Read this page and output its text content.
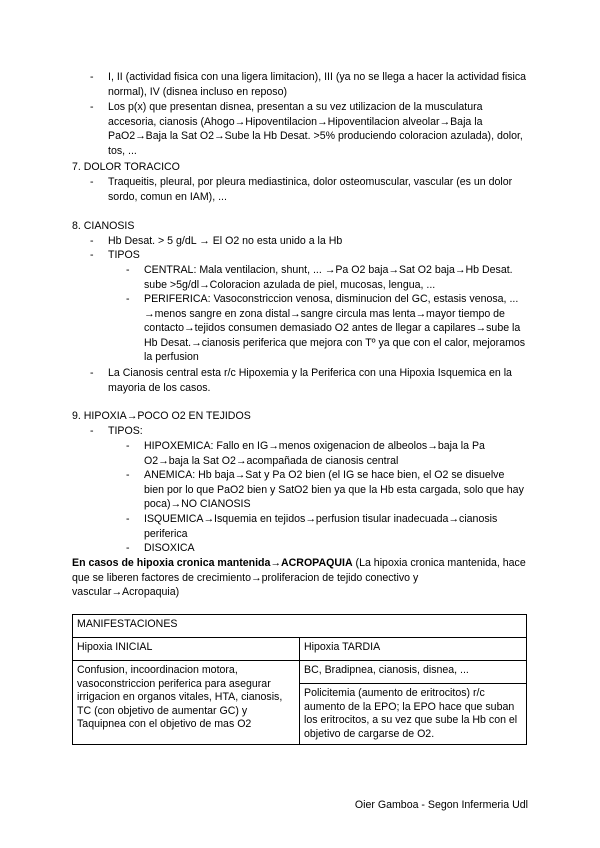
- I, II (actividad fisica con una ligera limitacion), III (ya no se llega a hacer la actividad fisica normal), IV (disnea incluso en reposo)
- Los p(x) que presentan disnea, presentan a su vez utilizacion de la musculatura accesoria, cianosis (Ahogo→Hipoventilacion→Hipoventilacion alveolar→Baja la PaO2→Baja la Sat O2→Sube la Hb Desat. >5% produciendo coloracion azulada), dolor, tos, ...
7. DOLOR TORACICO
- Traqueitis, pleural, por pleura mediastinica, dolor osteomuscular, vascular (es un dolor sordo, comun en IAM), ...
8. CIANOSIS
- Hb Desat. > 5 g/dL → El O2 no esta unido a la Hb
- TIPOS
- CENTRAL: Mala ventilacion, shunt, ... →Pa O2 baja→Sat O2 baja→Hb Desat. sube >5g/dl→Coloracion azulada de piel, mucosas, lengua, ...
- PERIFERICA: Vasoconstriccion venosa, disminucion del GC, estasis venosa, ... →menos sangre en zona distal→sangre circula mas lenta→mayor tiempo de contacto→tejidos consumen demasiado O2 antes de llegar a capilares→sube la Hb Desat.→cianosis periferica que mejora con Tº ya que con el calor, mejoramos la perfusion
- La Cianosis central esta r/c Hipoxemia y la Periferica con una Hipoxia Isquemica en la mayoria de los casos.
9. HIPOXIA→POCO O2 EN TEJIDOS
- TIPOS:
- HIPOXEMICA: Fallo en IG→menos oxigenacion de albeolos→baja la Pa O2→baja la Sat O2→acompañada de cianosis central
- ANEMICA: Hb baja→Sat y Pa O2 bien (el IG se hace bien, el O2 se disuelve bien por lo que PaO2 bien y SatO2 bien ya que la Hb esta cargada, solo que hay poca)→NO CIANOSIS
- ISQUEMICA→Isquemia en tejidos→perfusion tisular inadecuada→cianosis periferica
- DISOXICA
En casos de hipoxia cronica mantenida→ACROPAQUIA (La hipoxia cronica mantenida, hace que se liberen factores de crecimiento→proliferacion de tejido conectivo y vascular→Acropaquia)
MANIFESTACIONES	
Hipoxia INICIAL	Hipoxia TARDIA
Confusion, incoordinacion motora, vasoconstriccion periferica para asegurar irrigacion en organos vitales, HTA, cianosis, TC (con objetivo de aumentar GC) y Taquipnea con el objetivo de mas O2	BC, Bradipnea, cianosis, disnea, ...
	Policitemia (aumento de eritrocitos) r/c aumento de la EPO; la EPO hace que suban los eritrocitos, a su vez que sube la Hb con el objetivo de cargarse de O2.
Oier Gamboa - Segon Infermeria Udl
